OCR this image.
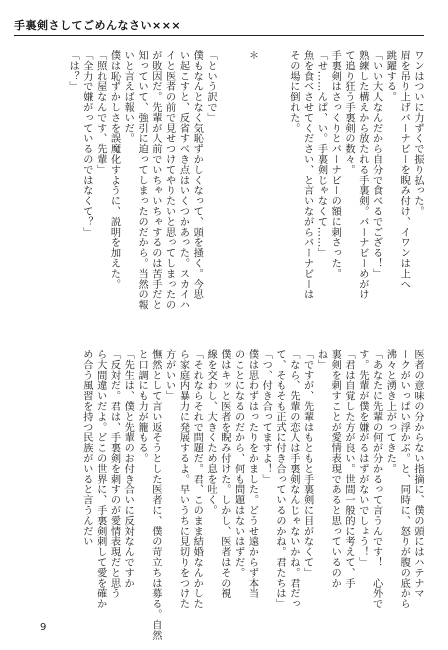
手裏剣さしてごめんなさい×××
ワンはついに力ずくで振り払った。
眉を吊り上げバーナビーを睨み付け、イワンは上へ
跳躍する。
「いい大人なんだから自分で食べるでござる！」
熟練した構えから放たれる手裏剣。バーナビーめがけ
て追り狂う手裏剣の数々。
手裏剣はさっくりとバーナビーの額に刺さった。
「せ……んぱ、い。手裏剣じゃなくて……」
魚を食べさせてください、と言いながらバーナビーは
その場に倒れた。

＊

「という訳で」
僕もなんとなく気恥ずかしくなって、頭を掻く。今思
い起こすと、反省すべき点はいくつかあった。スカイハ
イと医者の前で見せつけてやりたいと思ってしまったの
が敗因だ。先輩が人前でいちゃいちゃするのは苦手だと
知っていて、強引に迫ってしまったのだから。当然の報
いと言えば報いだ。
僕は恥ずかしさを誤魔化すように、説明を加えた。
「照れ屋なんです、先輩」
「全力で嫌がっているのではなくて？」
「は？」
医者の意味の分からない指摘に、僕の頭にはハテナマ
ークがいっぱい浮かぶ。と、同時に、怒りが腹の底から
沸々と湧き上がってきた。
「あなたに先輩の何が分かるって言うんです！　心外で
す。先輩が僕を嫌がるはずがないでしょう！」
「君は自覚した方が良い。世間一般的に考えて、手
裏剣を刺すことが愛情表現であると思っているのか
ね」
「ですが、先輩はもともと手裏剣に目がなくて」
「なら、先輩の恋人は手裏剣なんじゃないかね。君だっ
て、そもそも正式に付き合っているのかね。君たちは」
「つ、付き合ってますよ！」
僕は思わずはったりをかました。どうせ遠からず本当
のことになるのだから、何も問題はないはずだ。
僕はキッと医者を睨み付けた。しかし、医者はその視
線を交わし、大きくため息を吐く。
「それならそれで問題だ。君、このまま結婚なんかした
ら家庭内暴力に発展するよ。早いうちに見切りをつけた
方がいい」
憮然として言い返そうとした医者に、僕の苛立ちは募る。自然
と口調にも力が籠もる。
「先生は、僕と先輩のお付き合いに反対なんですか
「反対だ。君は、手裏剣を刺すのが愛情表現だと思う
ら大間違いだよ。どこの世界に、手裏剣刺して愛を確か
め合う風習を持つ民族がいると言うんだい
9
